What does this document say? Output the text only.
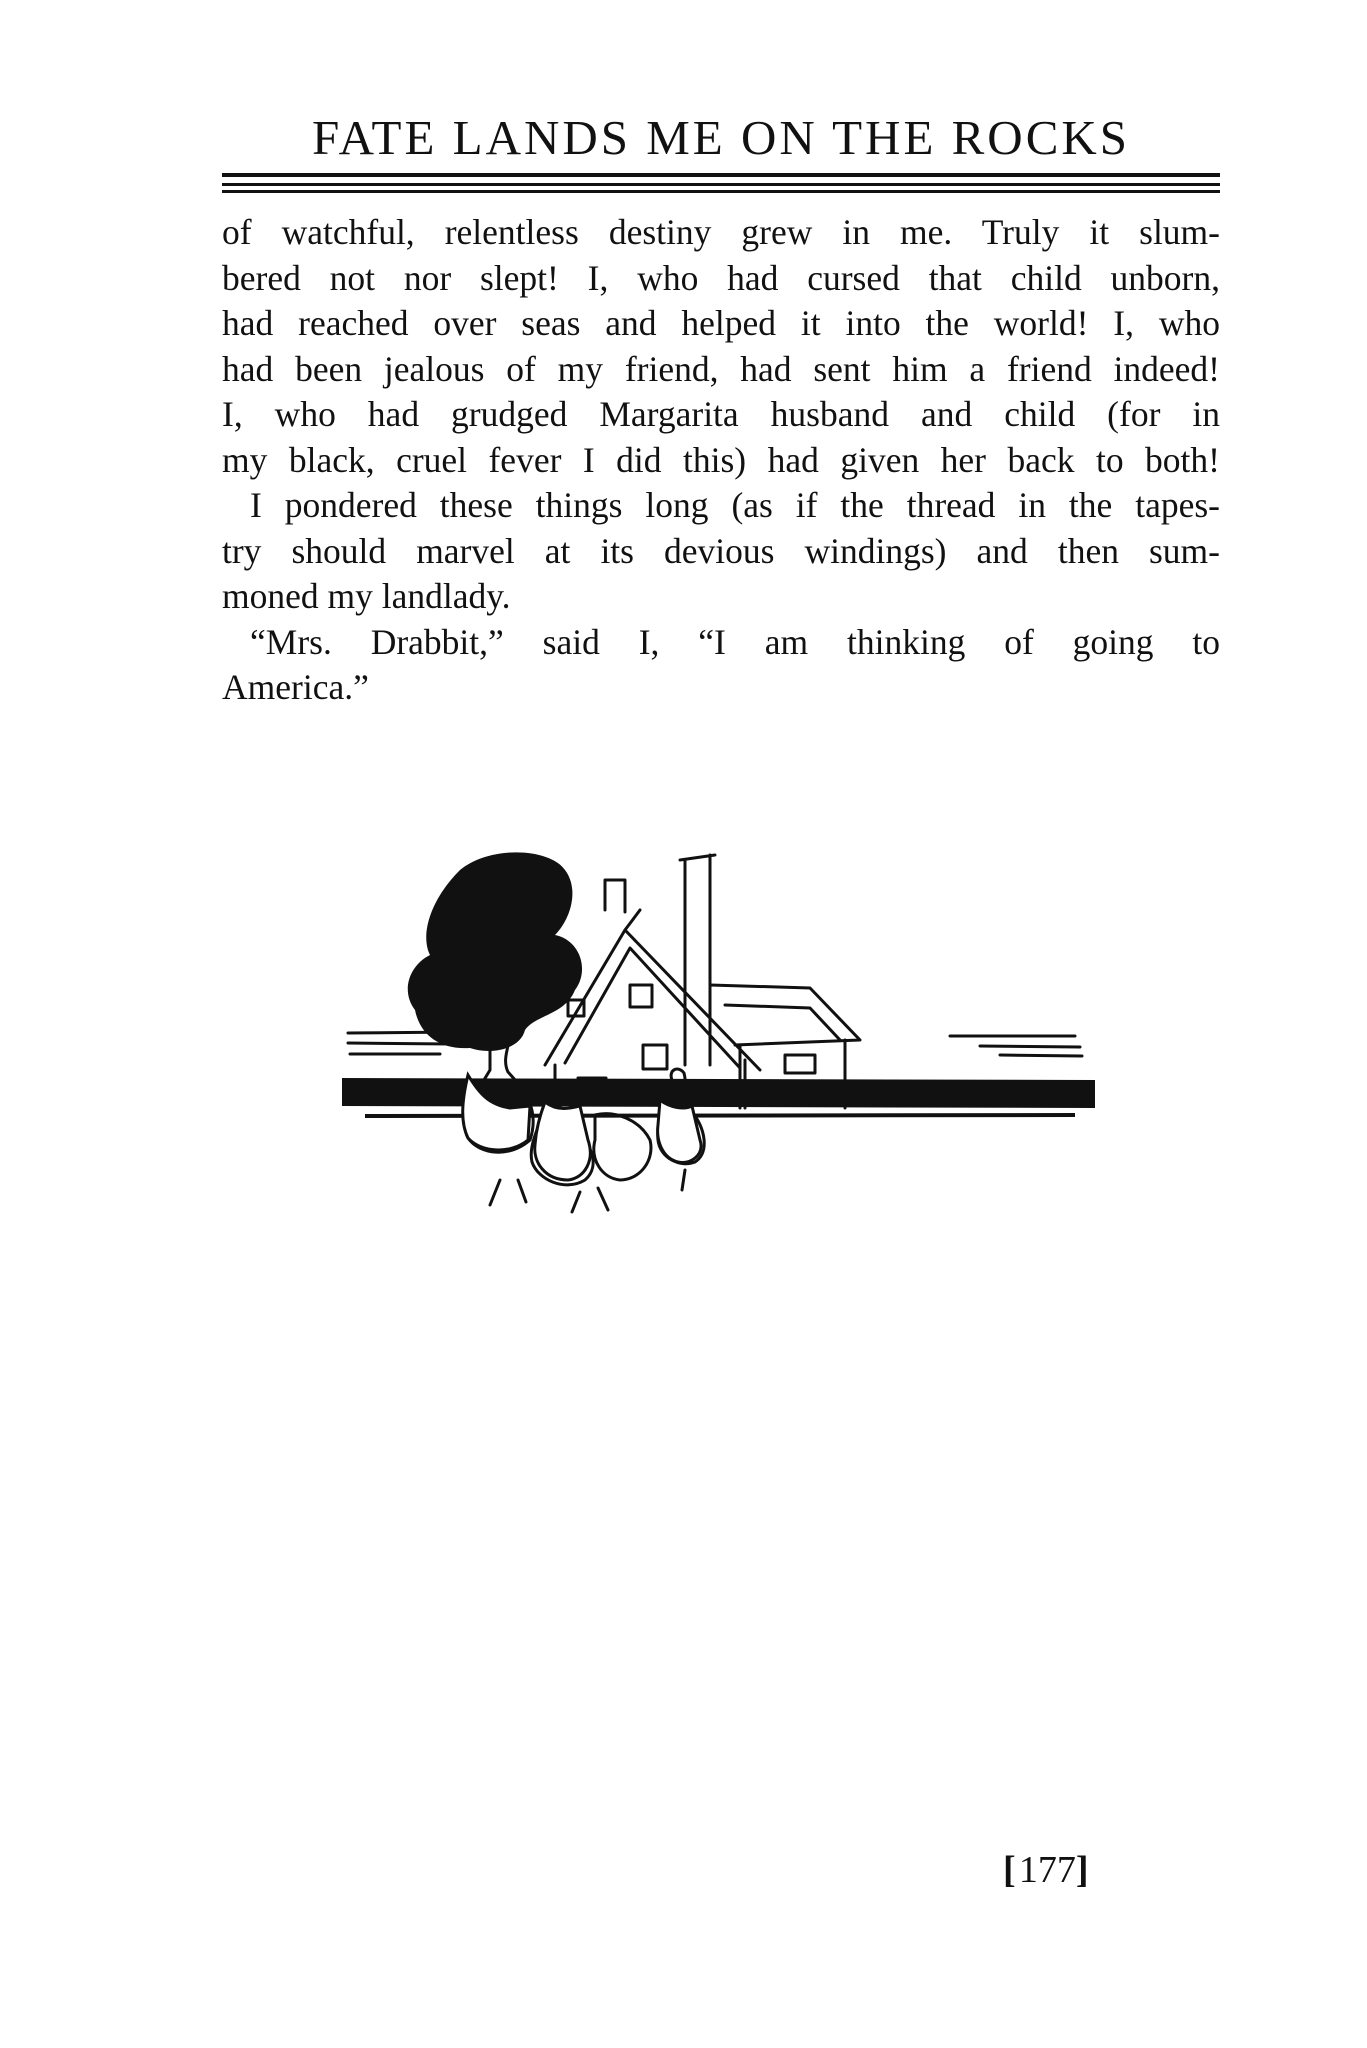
FATE LANDS ME ON THE ROCKS
of watchful, relentless destiny grew in me. Truly it slum-
bered not nor slept! I, who had cursed that child unborn,
had reached over seas and helped it into the world! I, who
had been jealous of my friend, had sent him a friend indeed!
I, who had grudged Margarita husband and child (for in
my black, cruel fever I did this) had given her back to both!
I pondered these things long (as if the thread in the tapes-
try should marvel at its devious windings) and then sum-
moned my landlady.
“Mrs. Drabbit,” said I, “I am thinking of going to
America.”
[ 177]
